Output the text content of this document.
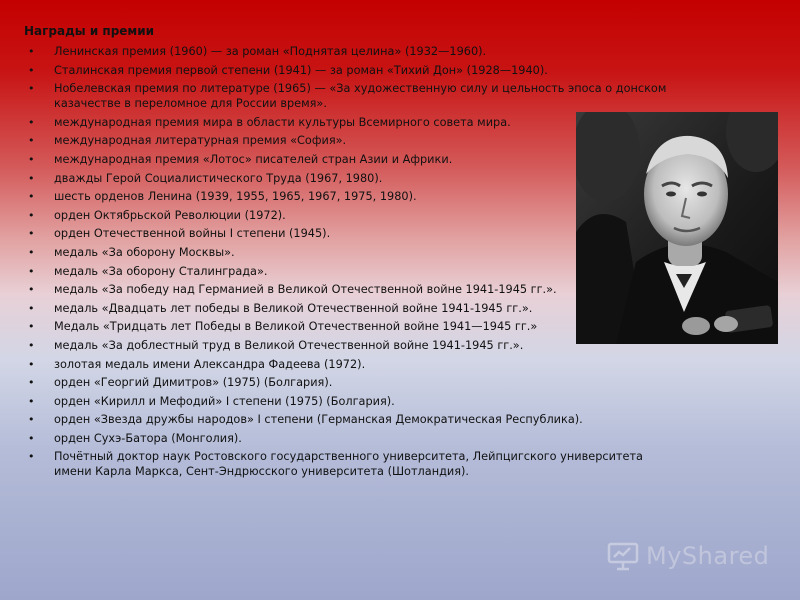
Награды и премии
• Ленинская премия (1960) — за роман «Поднятая целина» (1932—1960).
• Сталинская премия первой степени (1941) — за роман «Тихий Дон» (1928—1940).
• Нобелевская премия по литературе (1965) — «За художественную силу и цельность эпоса о донском казачестве в переломное для России время».
• международная премия мира в области культуры Всемирного совета мира.
• международная литературная премия «София».
• международная премия «Лотос» писателей стран Азии и Африки.
• дважды Герой Социалистического Труда (1967, 1980).
• шесть орденов Ленина (1939, 1955, 1965, 1967, 1975, 1980).
• орден Октябрьской Революции (1972).
• орден Отечественной войны I степени (1945).
• медаль «За оборону Москвы».
• медаль «За оборону Сталинграда».
• медаль «За победу над Германией в Великой Отечественной войне 1941-1945 гг.».
• медаль «Двадцать лет победы в Великой Отечественной войне 1941-1945 гг.».
• Медаль «Тридцать лет Победы в Великой Отечественной войне 1941—1945 гг.»
• медаль «За доблестный труд в Великой Отечественной войне 1941-1945 гг.».
• золотая медаль имени Александра Фадеева (1972).
• орден «Георгий Димитров» (1975) (Болгария).
• орден «Кирилл и Мефодий» I степени (1975) (Болгария).
• орден «Звезда дружбы народов» I степени (Германская Демократическая Республика).
• орден Сухэ-Батора (Монголия).
• Почётный доктор наук Ростовского государственного университета, Лейпцигского университета имени Карла Маркса, Сент-Эндрюсского университета (Шотландия).
MyShared
